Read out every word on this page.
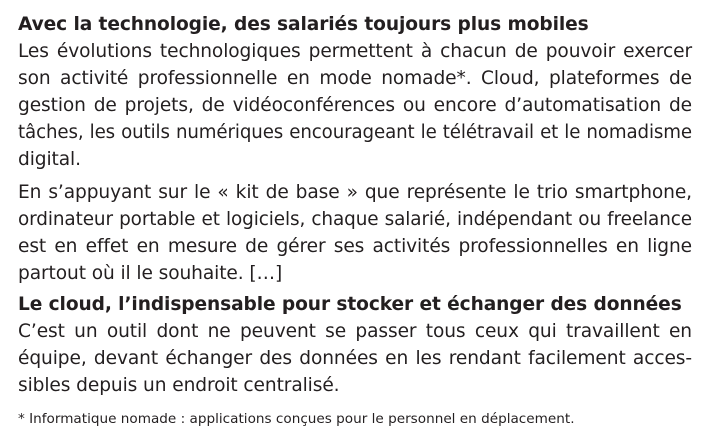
Avec la technologie, des salariés toujours plus mobiles
Les évolutions technologiques permettent à chacun de pouvoir exercer
son activité professionnelle en mode nomade*. Cloud, plateformes de
gestion de projets, de vidéoconférences ou encore d’automatisation de
tâches, les outils numériques encourageant le télétravail et le nomadisme
digital.
En s’appuyant sur le « kit de base » que représente le trio smartphone,
ordinateur portable et logiciels, chaque salarié, indépendant ou freelance
est en effet en mesure de gérer ses activités professionnelles en ligne
partout où il le souhaite. […]
Le cloud, l’indispensable pour stocker et échanger des données
C’est un outil dont ne peuvent se passer tous ceux qui travaillent en
équipe, devant échanger des données en les rendant facilement acces-
sibles depuis un endroit centralisé.
* Informatique nomade : applications conçues pour le personnel en déplacement.
